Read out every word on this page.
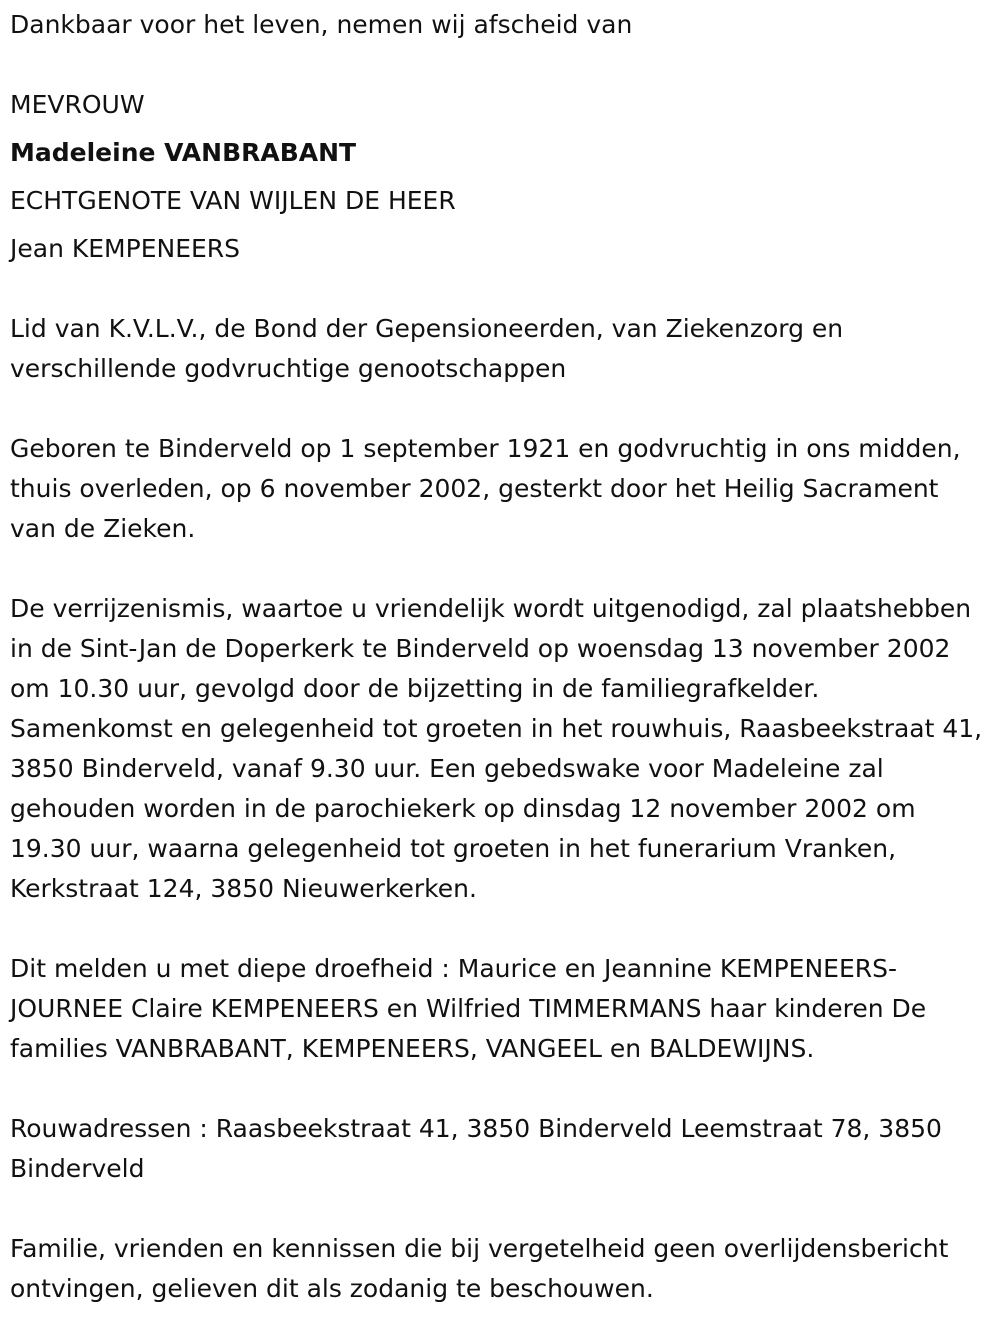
Dankbaar voor het leven, nemen wij afscheid van

MEVROUW

Madeleine VANBRABANT

ECHTGENOTE VAN WIJLEN DE HEER

Jean KEMPENEERS

Lid van K.V.L.V., de Bond der Gepensioneerden, van Ziekenzorg en verschillende godvruchtige genootschappen

Geboren te Binderveld op 1 september 1921 en godvruchtig in ons midden, thuis overleden, op 6 november 2002, gesterkt door het Heilig Sacrament van de Zieken.

De verrijzenismis, waartoe u vriendelijk wordt uitgenodigd, zal plaatshebben in de Sint-Jan de Doperkerk te Binderveld op woensdag 13 november 2002 om 10.30 uur, gevolgd door de bijzetting in de familiegrafkelder. Samenkomst en gelegenheid tot groeten in het rouwhuis, Raasbeekstraat 41, 3850 Binderveld, vanaf 9.30 uur. Een gebedswake voor Madeleine zal gehouden worden in de parochiekerk op dinsdag 12 november 2002 om 19.30 uur, waarna gelegenheid tot groeten in het funerarium Vranken, Kerkstraat 124, 3850 Nieuwerkerken.

Dit melden u met diepe droefheid : Maurice en Jeannine KEMPENEERS-JOURNEE Claire KEMPENEERS en Wilfried TIMMERMANS haar kinderen De families VANBRABANT, KEMPENEERS, VANGEEL en BALDEWIJNS.

Rouwadressen : Raasbeekstraat 41, 3850 Binderveld Leemstraat 78, 3850 Binderveld

Familie, vrienden en kennissen die bij vergetelheid geen overlijdensbericht ontvingen, gelieven dit als zodanig te beschouwen.
